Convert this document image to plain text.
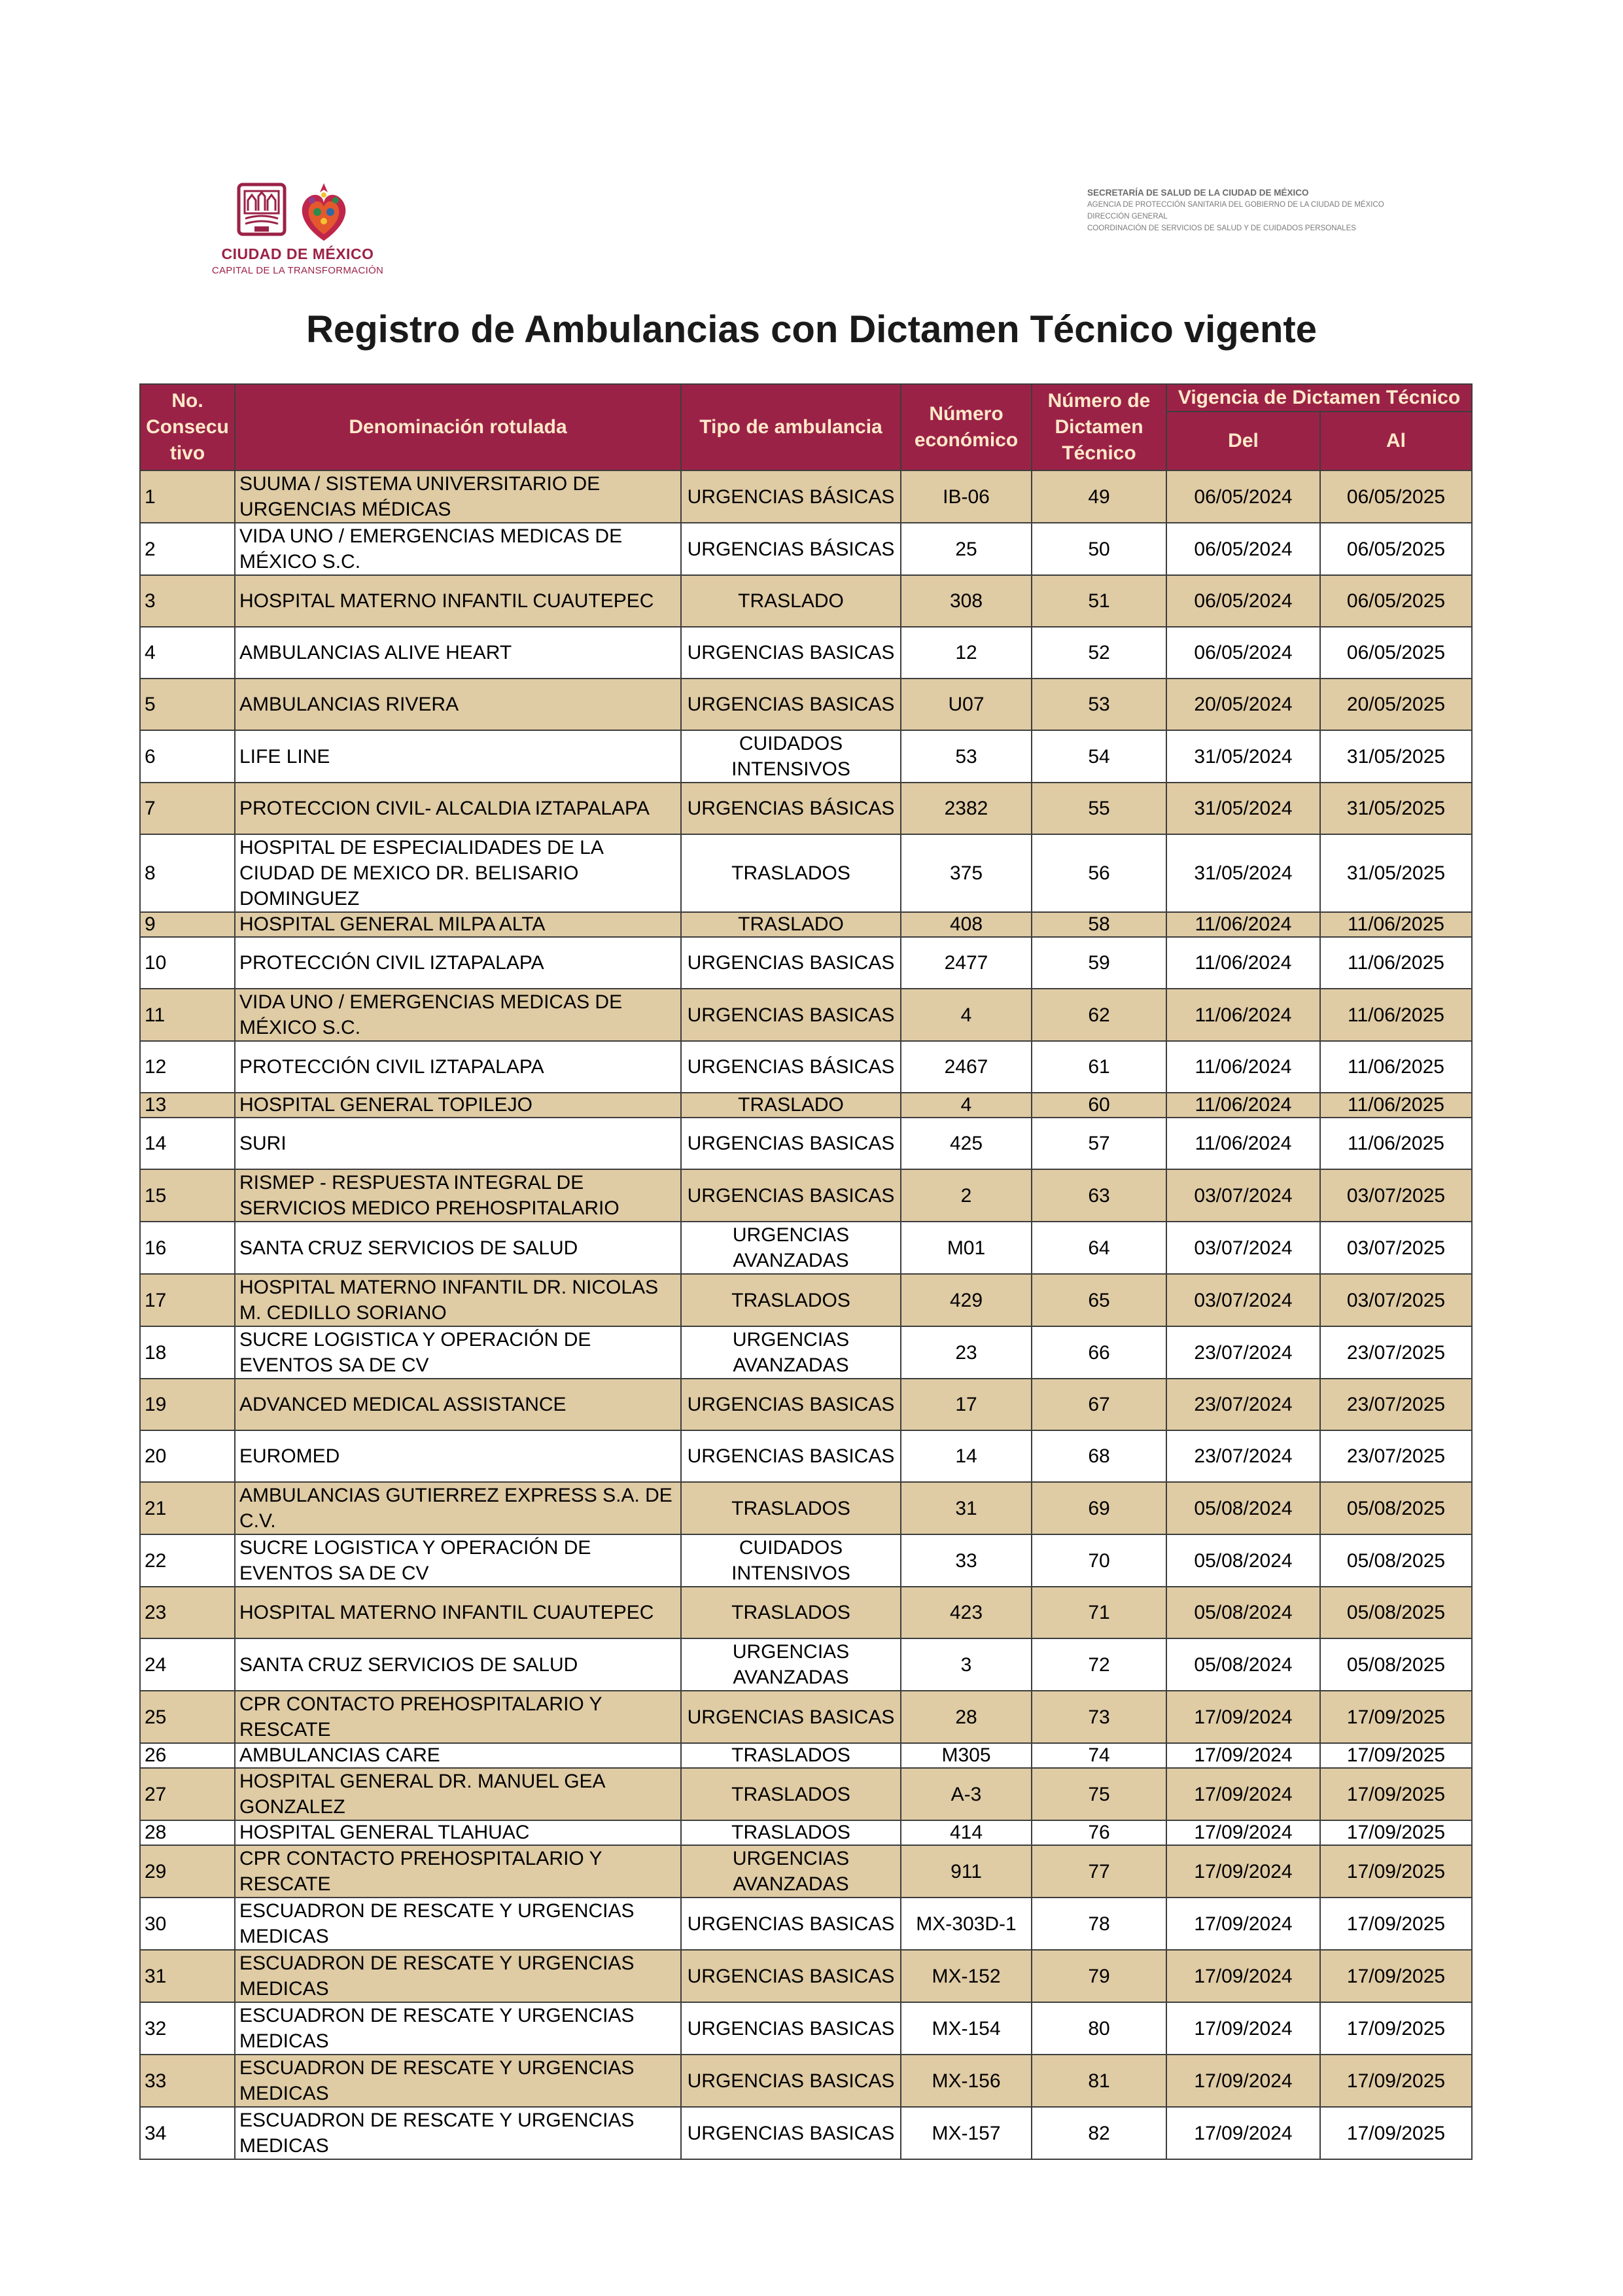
CIUDAD DE MÉXICO
CAPITAL DE LA TRANSFORMACIÓN
SECRETARÍA DE SALUD DE LA CIUDAD DE MÉXICO
AGENCIA DE PROTECCIÓN SANITARIA DEL GOBIERNO DE LA CIUDAD DE MÉXICO
DIRECCIÓN GENERAL
COORDINACIÓN DE SERVICIOS DE SALUD Y DE CUIDADOS PERSONALES
Registro de Ambulancias con Dictamen Técnico vigente
No. Consecu tivo	Denominación rotulada	Tipo de ambulancia	Número económico	Número de Dictamen Técnico	Vigencia de Dictamen Técnico	
					Del	Al
1	SUUMA / SISTEMA UNIVERSITARIO DE URGENCIAS MÉDICAS	URGENCIAS BÁSICAS	IB-06	49	06/05/2024	06/05/2025
2	VIDA UNO / EMERGENCIAS MEDICAS DE MÉXICO S.C.	URGENCIAS BÁSICAS	25	50	06/05/2024	06/05/2025
3	HOSPITAL MATERNO INFANTIL CUAUTEPEC	TRASLADO	308	51	06/05/2024	06/05/2025
4	AMBULANCIAS ALIVE HEART	URGENCIAS BASICAS	12	52	06/05/2024	06/05/2025
5	AMBULANCIAS RIVERA	URGENCIAS BASICAS	U07	53	20/05/2024	20/05/2025
6	LIFE LINE	CUIDADOS INTENSIVOS	53	54	31/05/2024	31/05/2025
7	PROTECCION CIVIL- ALCALDIA IZTAPALAPA	URGENCIAS BÁSICAS	2382	55	31/05/2024	31/05/2025
8	HOSPITAL DE ESPECIALIDADES DE LA CIUDAD DE MEXICO DR. BELISARIO DOMINGUEZ	TRASLADOS	375	56	31/05/2024	31/05/2025
9	HOSPITAL GENERAL MILPA ALTA	TRASLADO	408	58	11/06/2024	11/06/2025
10	PROTECCIÓN CIVIL IZTAPALAPA	URGENCIAS BASICAS	2477	59	11/06/2024	11/06/2025
11	VIDA UNO / EMERGENCIAS MEDICAS DE MÉXICO S.C.	URGENCIAS BASICAS	4	62	11/06/2024	11/06/2025
12	PROTECCIÓN CIVIL IZTAPALAPA	URGENCIAS BÁSICAS	2467	61	11/06/2024	11/06/2025
13	HOSPITAL GENERAL TOPILEJO	TRASLADO	4	60	11/06/2024	11/06/2025
14	SURI	URGENCIAS BASICAS	425	57	11/06/2024	11/06/2025
15	RISMEP - RESPUESTA INTEGRAL DE SERVICIOS MEDICO PREHOSPITALARIO	URGENCIAS BASICAS	2	63	03/07/2024	03/07/2025
16	SANTA CRUZ SERVICIOS DE SALUD	URGENCIAS AVANZADAS	M01	64	03/07/2024	03/07/2025
17	HOSPITAL MATERNO INFANTIL DR. NICOLAS M. CEDILLO SORIANO	TRASLADOS	429	65	03/07/2024	03/07/2025
18	SUCRE LOGISTICA Y OPERACIÓN DE EVENTOS SA DE CV	URGENCIAS AVANZADAS	23	66	23/07/2024	23/07/2025
19	ADVANCED MEDICAL ASSISTANCE	URGENCIAS BASICAS	17	67	23/07/2024	23/07/2025
20	EUROMED	URGENCIAS BASICAS	14	68	23/07/2024	23/07/2025
21	AMBULANCIAS GUTIERREZ EXPRESS S.A. DE C.V.	TRASLADOS	31	69	05/08/2024	05/08/2025
22	SUCRE LOGISTICA Y OPERACIÓN DE EVENTOS SA DE CV	CUIDADOS INTENSIVOS	33	70	05/08/2024	05/08/2025
23	HOSPITAL MATERNO INFANTIL CUAUTEPEC	TRASLADOS	423	71	05/08/2024	05/08/2025
24	SANTA CRUZ SERVICIOS DE SALUD	URGENCIAS AVANZADAS	3	72	05/08/2024	05/08/2025
25	CPR CONTACTO PREHOSPITALARIO Y RESCATE	URGENCIAS BASICAS	28	73	17/09/2024	17/09/2025
26	AMBULANCIAS CARE	TRASLADOS	M305	74	17/09/2024	17/09/2025
27	HOSPITAL GENERAL DR. MANUEL GEA GONZALEZ	TRASLADOS	A-3	75	17/09/2024	17/09/2025
28	HOSPITAL GENERAL TLAHUAC	TRASLADOS	414	76	17/09/2024	17/09/2025
29	CPR CONTACTO PREHOSPITALARIO Y RESCATE	URGENCIAS AVANZADAS	911	77	17/09/2024	17/09/2025
30	ESCUADRON DE RESCATE Y URGENCIAS MEDICAS	URGENCIAS BASICAS	MX-303D-1	78	17/09/2024	17/09/2025
31	ESCUADRON DE RESCATE Y URGENCIAS MEDICAS	URGENCIAS BASICAS	MX-152	79	17/09/2024	17/09/2025
32	ESCUADRON DE RESCATE Y URGENCIAS MEDICAS	URGENCIAS BASICAS	MX-154	80	17/09/2024	17/09/2025
33	ESCUADRON DE RESCATE Y URGENCIAS MEDICAS	URGENCIAS BASICAS	MX-156	81	17/09/2024	17/09/2025
34	ESCUADRON DE RESCATE Y URGENCIAS MEDICAS	URGENCIAS BASICAS	MX-157	82	17/09/2024	17/09/2025
